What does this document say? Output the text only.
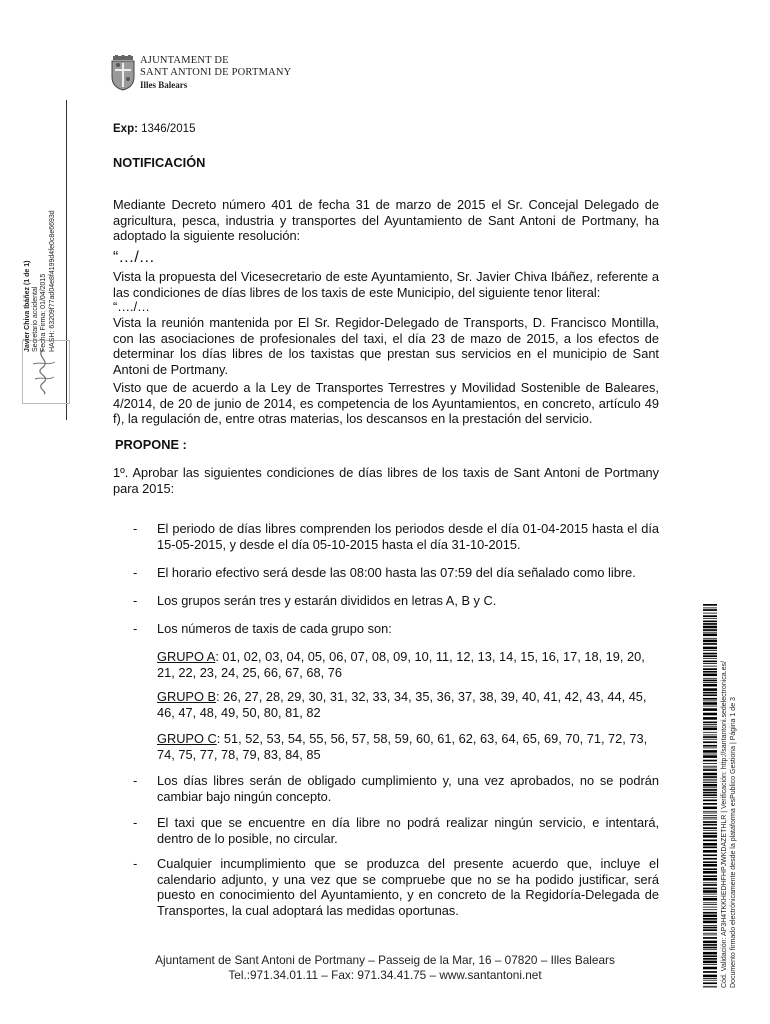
AJUNTAMENT DE
SANT ANTONI DE PORTMANY
Illes Balears
Javier Chiva Ibáñez (1 de 1) Secretario accidental Fecha Firma: 01/04/2015 HASH: 63209f77ad04e8f4199d4fe0c8e6693d

Exp: 1346/2015

NOTIFICACIÓN

Mediante Decreto número 401 de fecha 31 de marzo de 2015 el Sr. Concejal Delegado de agricultura, pesca, industria y transportes del Ayuntamiento de Sant Antoni de Portmany, ha adoptado la siguiente resolución:

“…/…

Vista la propuesta del Vicesecretario de este Ayuntamiento, Sr. Javier Chiva Ibáñez, referente a las condiciones de días libres de los taxis de este Municipio, del siguiente tenor literal:

“…./…

Vista la reunión mantenida por El Sr. Regidor-Delegado de Transports, D. Francisco Montilla, con las asociaciones de profesionales del taxi, el día 23 de mazo de 2015, a los efectos de determinar los días libres de los taxistas que prestan sus servicios en el municipio de Sant Antoni de Portmany.

Visto que de acuerdo a la Ley de Transportes Terrestres y Movilidad Sostenible de Baleares, 4/2014, de 20 de junio de 2014, es competencia de los Ayuntamientos, en concreto, artículo 49 f), la regulación de, entre otras materias, los descansos en la prestación del servicio.

PROPONE :

1º. Aprobar las siguientes condiciones de días libres de los taxis de Sant Antoni de Portmany para 2015:

-	El periodo de días libres comprenden los periodos desde el día 01-04-2015 hasta el día 15-05-2015, y desde el día 05-10-2015 hasta el día 31-10-2015.

-	El horario efectivo será desde las 08:00 hasta las 07:59 del día señalado como libre.

-	Los grupos serán tres y estarán divididos en letras A, B y C.

-	Los números de taxis de cada grupo son:

GRUPO A: 01, 02, 03, 04, 05, 06, 07, 08, 09, 10, 11, 12, 13, 14, 15, 16, 17, 18, 19, 20,
21, 22, 23, 24, 25, 66, 67, 68, 76

GRUPO B: 26, 27, 28, 29, 30, 31, 32, 33, 34, 35, 36, 37, 38, 39, 40, 41, 42, 43, 44, 45,
46, 47, 48, 49, 50, 80, 81, 82

GRUPO C: 51, 52, 53, 54, 55, 56, 57, 58, 59, 60, 61, 62, 63, 64, 65, 69, 70, 71, 72, 73,
74, 75, 77, 78, 79, 83, 84, 85

-	Los días libres serán de obligado cumplimiento y, una vez aprobados, no se podrán cambiar bajo ningún concepto.

-	El taxi que se encuentre en día libre no podrá realizar ningún servicio, e intentará, dentro de lo posible, no circular.

-	Cualquier incumplimiento que se produzca del presente acuerdo que, incluye el calendario adjunto, y una vez que se compruebe que no se ha podido justificar, será puesto en conocimiento del Ayuntamiento, y en concreto de la Regidoría-Delegada de Transportes, la cual adoptará las medidas oportunas.

Ajuntament de Sant Antoni de Portmany – Passeig de la Mar, 16 – 07820 – Illes Balears
Tel.:971.34.01.11 – Fax: 971.34.41.75 – www.santantoni.net	Cód. Validación: AP3H4TKKHEDHFHPJWKDAZETHLR | Verificación: http://santantoni.sedelectronica.es/ Documento firmado electrónicamente desde la plataforma esPublico Gestiona | Página 1 de 3
